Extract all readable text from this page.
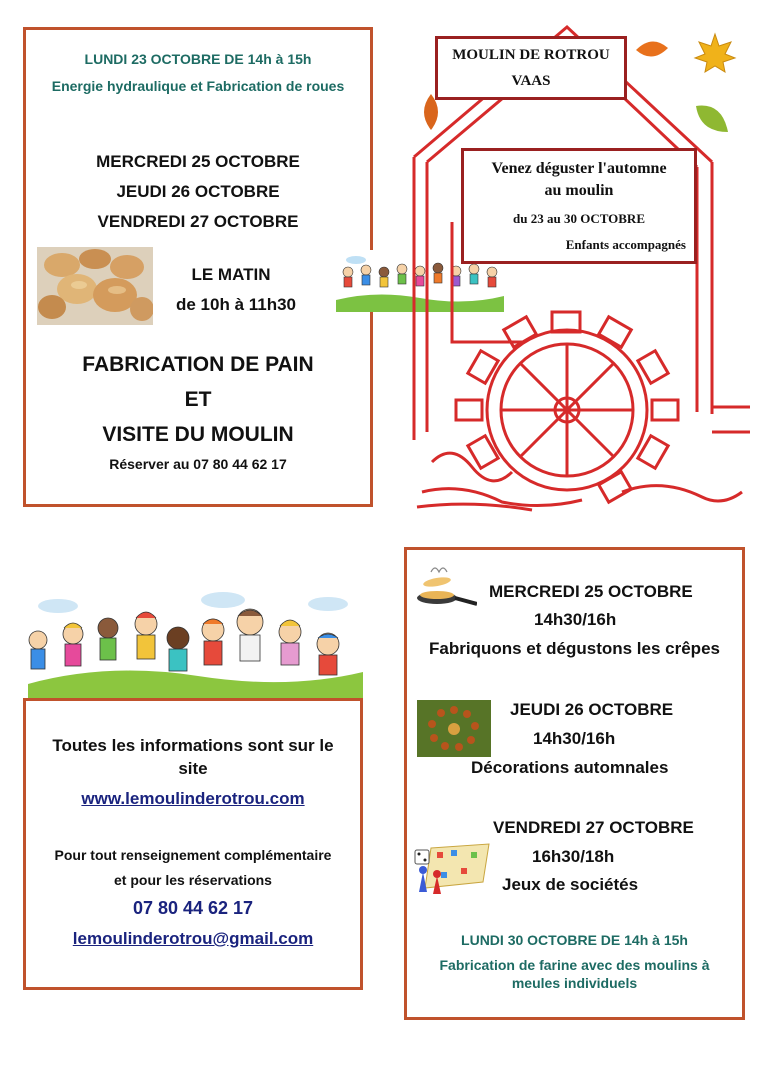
LUNDI 23 OCTOBRE DE 14h à 15h
Energie hydraulique et Fabrication de roues
MERCREDI 25 OCTOBRE
JEUDI 26 OCTOBRE
VENDREDI 27 OCTOBRE
LE MATIN
de 10h à 11h30
FABRICATION DE PAIN
ET
VISITE DU MOULIN
Réserver au 07 80 44 62 17
MOULIN DE ROTROU
VAAS
Venez déguster l'automne
au moulin
du 23 au 30 OCTOBRE
Enfants accompagnés
Toutes les informations sont sur le
site
www.lemoulinderotrou.com
Pour tout renseignement complémentaire
et pour les réservations
07 80 44 62 17
lemoulinderotrou@gmail.com
MERCREDI 25 OCTOBRE
14h30/16h
Fabriquons et dégustons les crêpes
JEUDI 26 OCTOBRE
14h30/16h
Décorations automnales
VENDREDI 27 OCTOBRE
16h30/18h
Jeux de sociétés
LUNDI 30 OCTOBRE DE 14h à 15h
Fabrication de farine avec des moulins à
meules individuels
